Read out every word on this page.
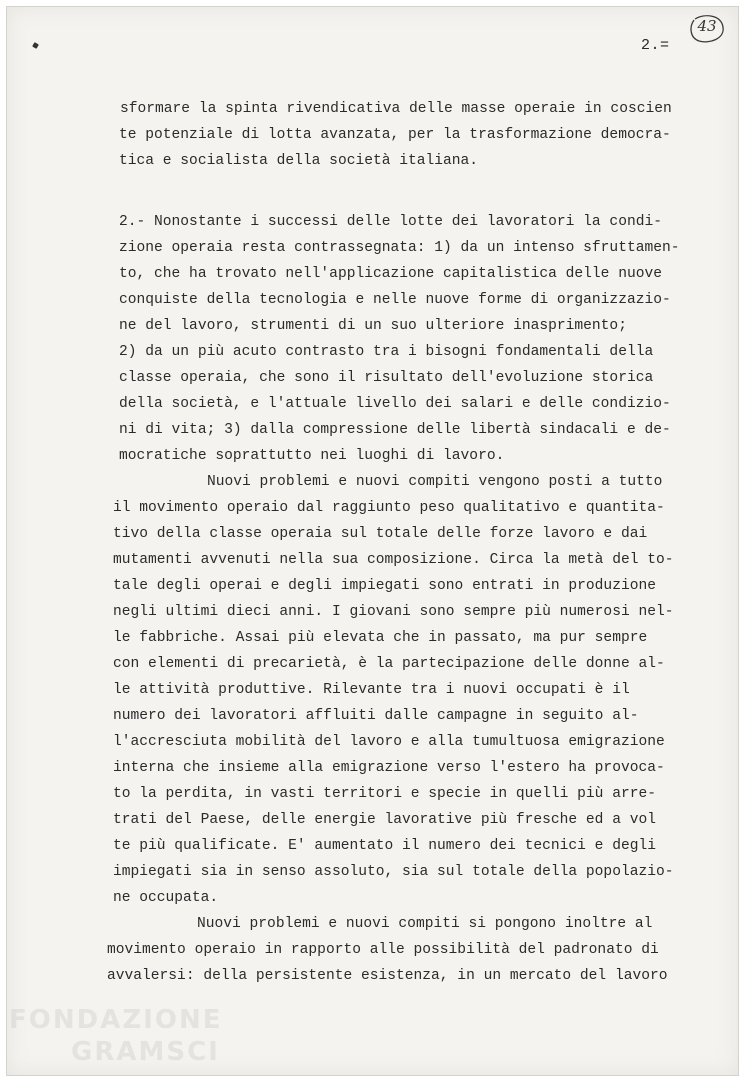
2.=
43
sformare la spinta rivendicativa delle masse operaie in coscien
te potenziale di lotta avanzata, per la trasformazione democra-
tica e socialista della società italiana.
2.- Nonostante i successi delle lotte dei lavoratori la condi-
zione operaia resta contrassegnata: 1) da un intenso sfruttamen-
to, che ha trovato nell'applicazione capitalistica delle nuove
conquiste della tecnologia e nelle nuove forme di organizzazio-
ne del lavoro, strumenti di un suo ulteriore inasprimento;
2) da un più acuto contrasto tra i bisogni fondamentali della
classe operaia, che sono il risultato dell'evoluzione storica
della società, e l'attuale livello dei salari e delle condizio-
ni di vita; 3) dalla compressione delle libertà sindacali e de-
mocratiche soprattutto nei luoghi di lavoro.
Nuovi problemi e nuovi compiti vengono posti a tutto
il movimento operaio dal raggiunto peso qualitativo e quantita-
tivo della classe operaia sul totale delle forze lavoro e dai
mutamenti avvenuti nella sua composizione. Circa la metà del to-
tale degli operai e degli impiegati sono entrati in produzione
negli ultimi dieci anni. I giovani sono sempre più numerosi nel-
le fabbriche. Assai più elevata che in passato, ma pur sempre
con elementi di precarietà, è la partecipazione delle donne al-
le attività produttive. Rilevante tra i nuovi occupati è il
numero dei lavoratori affluiti dalle campagne in seguito al-
l'accresciuta mobilità del lavoro e alla tumultuosa emigrazione
interna che insieme alla emigrazione verso l'estero ha provoca-
to la perdita, in vasti territori e specie in quelli più arre-
trati del Paese, delle energie lavorative più fresche ed a vol
te più qualificate. E' aumentato il numero dei tecnici e degli
impiegati sia in senso assoluto, sia sul totale della popolazio-
ne occupata.
Nuovi problemi e nuovi compiti si pongono inoltre al
movimento operaio in rapporto alle possibilità del padronato di
avvalersi: della persistente esistenza, in un mercato del lavoro
FONDAZIONE
GRAMSCI
